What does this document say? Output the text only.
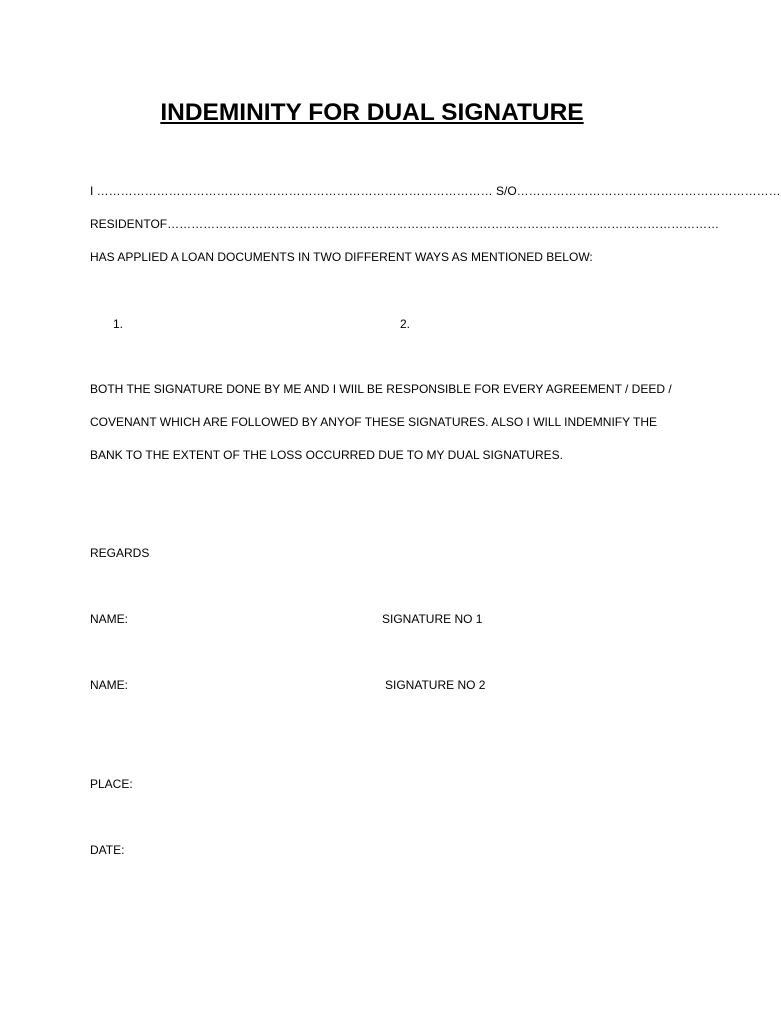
INDEMINITY FOR DUAL SIGNATURE
I ……………………………………………………………………………………… S/O…………………………………………………………
RESIDENTOF…………………………………………………………………………………………………………………………
HAS APPLIED A LOAN DOCUMENTS IN TWO DIFFERENT WAYS AS MENTIONED BELOW:
1.	2.
BOTH THE SIGNATURE DONE BY ME AND I WIIL BE RESPONSIBLE FOR EVERY AGREEMENT / DEED /
COVENANT WHICH ARE FOLLOWED BY ANYOF THESE SIGNATURES. ALSO I WILL INDEMNIFY THE
BANK TO THE EXTENT OF THE LOSS OCCURRED DUE TO MY DUAL SIGNATURES.
REGARDS
NAME:	SIGNATURE NO 1
NAME:	SIGNATURE NO 2
PLACE:
DATE:
